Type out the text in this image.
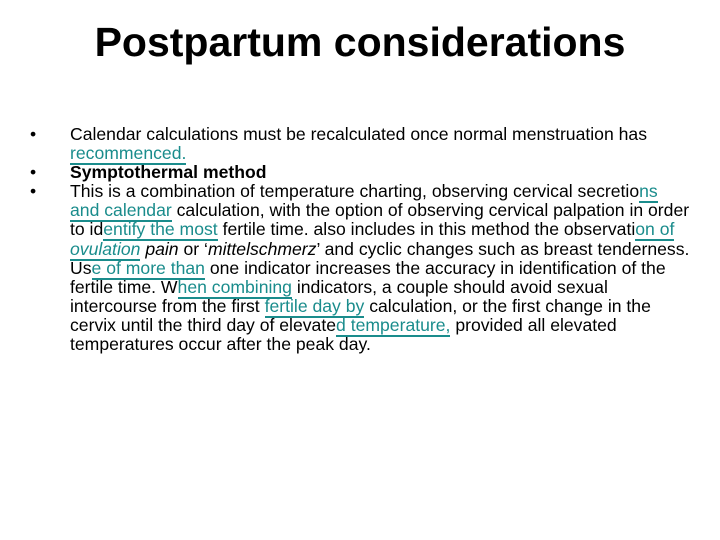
Postpartum considerations
•	Calendar calculations must be recalculated once normal menstruation has recommenced.
•	Symptothermal method
•	This is a combination of temperature charting, observing cervical secretions and calendar calculation, with the option of observing cervical palpation in order to identify the most fertile time. also includes in this method the observation of ovulation pain or ‘mittelschmerz’ and cyclic changes such as breast tenderness. Use of more than one indicator increases the accuracy in identification of the fertile time. When combining indicators, a couple should avoid sexual intercourse from the first fertile day by calculation, or the first change in the cervix until the third day of elevated temperature, provided all elevated temperatures occur after the peak day.
